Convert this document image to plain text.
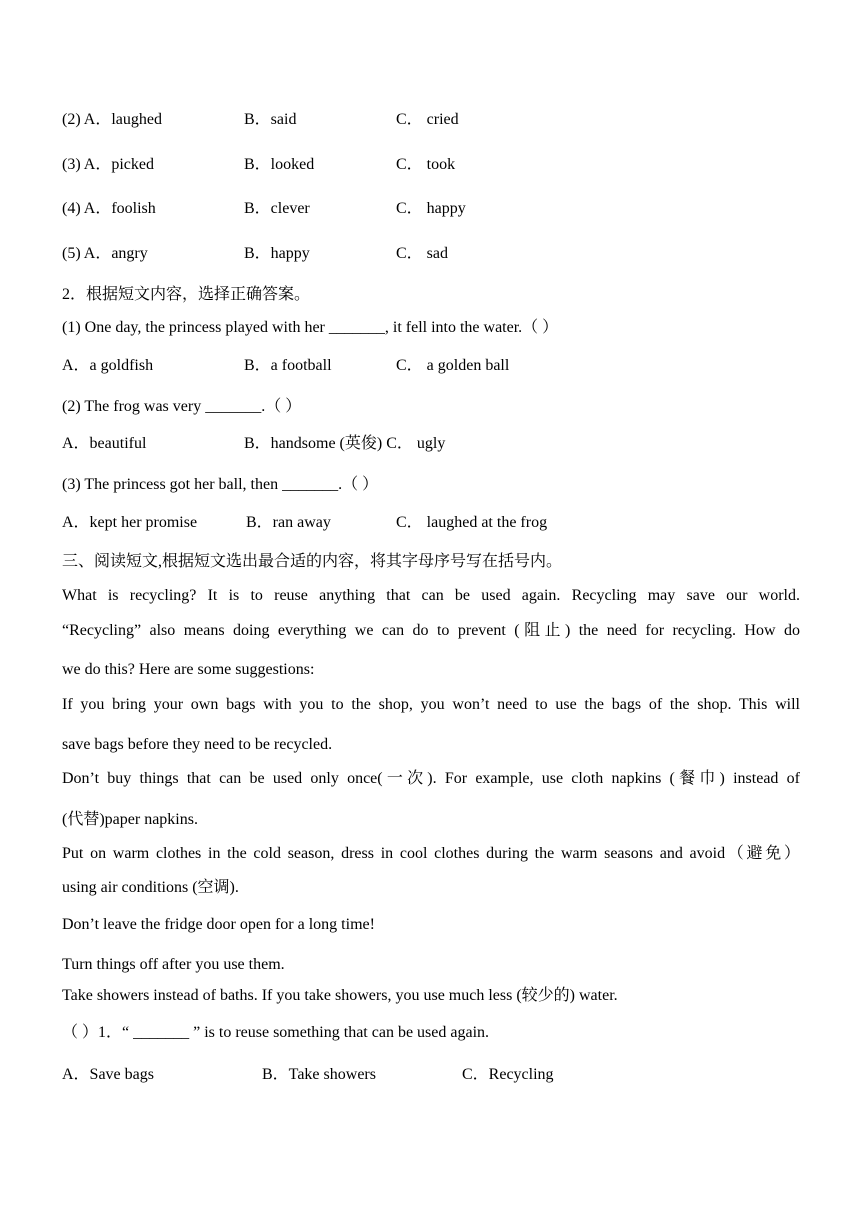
(2) A．laughed	B．said	C． cried
(3) A．picked	B．looked	C． took
(4) A．foolish	B．clever	C． happy
(5) A．angry	B．happy	C． sad
2．根据短文内容，选择正确答案。
(1) One day, the princess played with her _______, it fell into the water.（ ）
A．a goldfish	B．a football	C． a golden ball
(2) The frog was very _______.（ ）
A．beautiful	B．handsome (英俊) C． ugly
(3) The princess got her ball, then _______.（ ）
A．kept her promise	B．ran away	C． laughed at the frog
三、阅读短文,根据短文选出最合适的内容，将其字母序号写在括号内。
What is recycling? It is to reuse anything that can be used again. Recycling may save our world.
“Recycling” also means doing everything we can do to prevent (阻止) the need for recycling. How do
we do this? Here are some suggestions:
If you bring your own bags with you to the shop, you won’t need to use the bags of the shop. This will
save bags before they need to be recycled.
Don’t buy things that can be used only once(一次). For example, use cloth napkins (餐巾) instead of
(代替)paper napkins.
Put on warm clothes in the cold season, dress in cool clothes during the warm seasons and avoid（避免）
using air conditions (空调).
Don’t leave the fridge door open for a long time!
Turn things off after you use them.
Take showers instead of baths. If you take showers, you use much less (较少的) water.
（ ）1．“ _______ ” is to reuse something that can be used again.
A．Save bags	B．Take showers	C．Recycling
